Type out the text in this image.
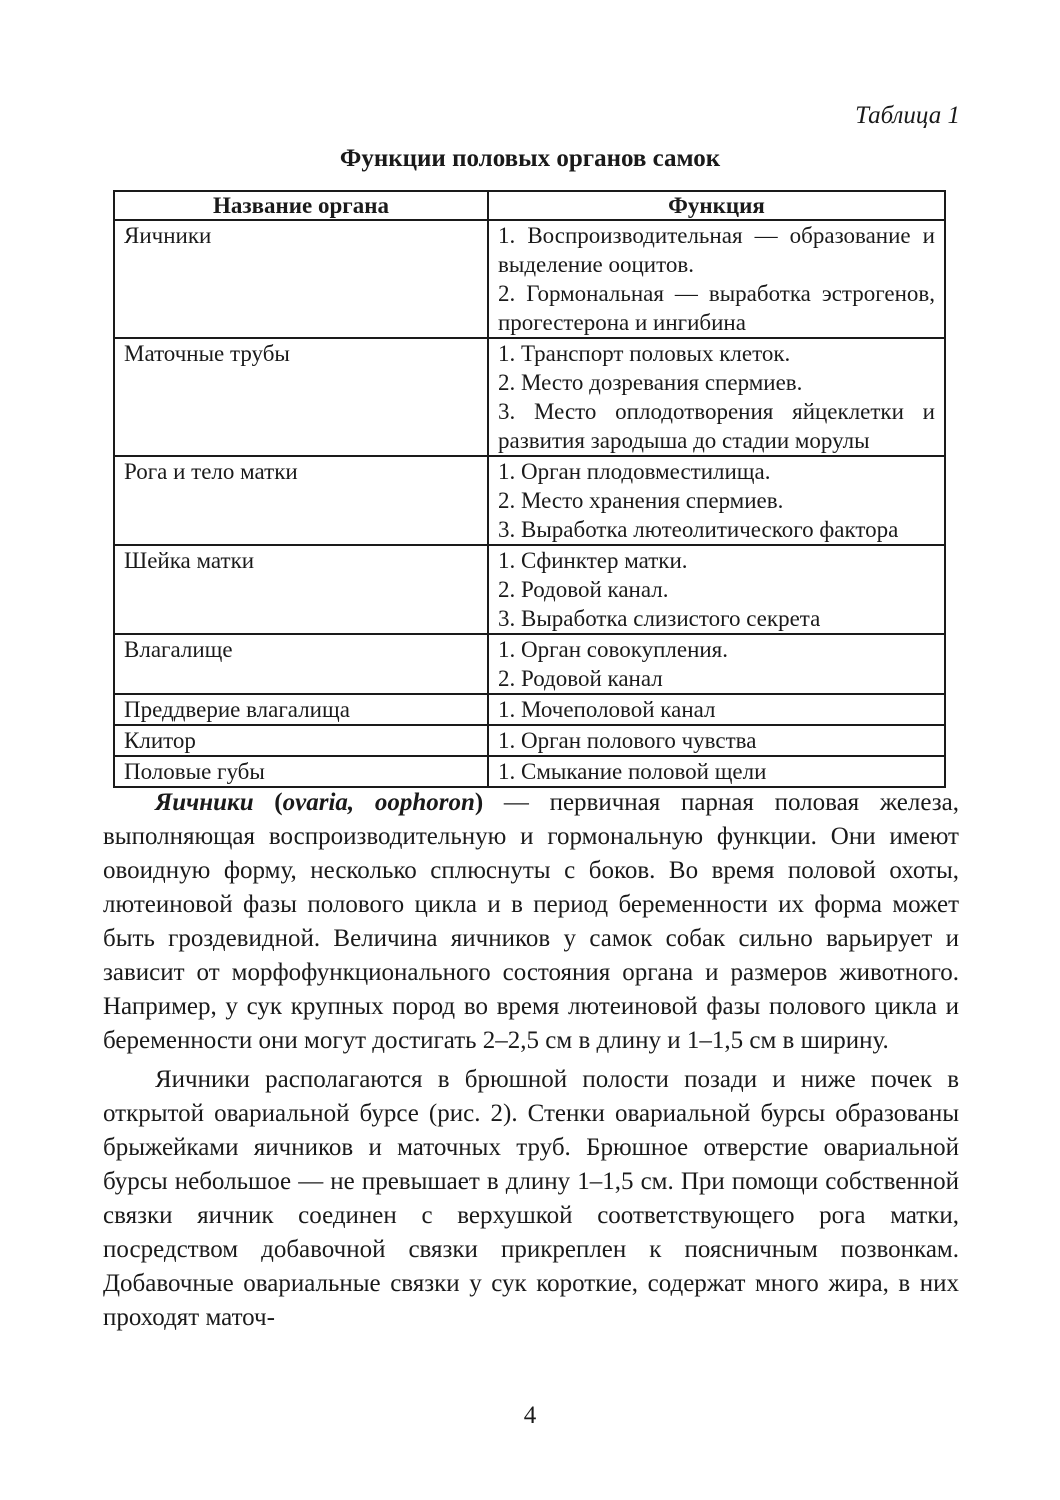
Таблица 1

Функции половых органов самок

Название органа	Функция
Яичники	1. Воспроизводительная — образование и выделение ооцитов.
2. Гормональная — выработка эстрогенов, прогестерона и ингибина

Маточные трубы	1. Транспорт половых клеток.
2. Место дозревания спермиев.
3. Место оплодотворения яйцеклетки и развития зародыша до стадии морулы

Рога и тело матки	1. Орган плодовместилища.
2. Место хранения спермиев.
3. Выработка лютеолитического фактора

Шейка матки	1. Сфинктер матки.
2. Родовой канал.
3. Выработка слизистого секрета

Влагалище	1. Орган совокупления.
2. Родовой канал

Преддверие влагалища	1. Мочеполовой канал

Клитор	1. Орган полового чувства

Половые губы	1. Смыкание половой щели

Яичники (ovaria, oophoron) — первичная парная половая железа, выполняющая воспроизводительную и гормональную функции. Они имеют овоидную форму, несколько сплюснуты с боков. Во время половой охоты, лютеиновой фазы полового цикла и в период беременности их форма может быть гроздевидной. Величина яичников у самок собак сильно варьирует и зависит от морфофункционального состояния органа и размеров животного. Например, у сук крупных пород во время лютеиновой фазы полового цикла и беременности они могут достигать 2–2,5 см в длину и 1–1,5 см в ширину.

Яичники располагаются в брюшной полости позади и ниже почек в открытой овариальной бурсе (рис. 2). Стенки овариальной бурсы образованы брыжейками яичников и маточных труб. Брюшное отверстие овариальной бурсы небольшое — не превышает в длину 1–1,5 см. При помощи собственной связки яичник соединен с верхушкой соответствующего рога матки, посредством добавочной связки прикреплен к поясничным позвонкам. Добавочные овариальные связки у сук короткие, содержат много жира, в них проходят маточ-

4
